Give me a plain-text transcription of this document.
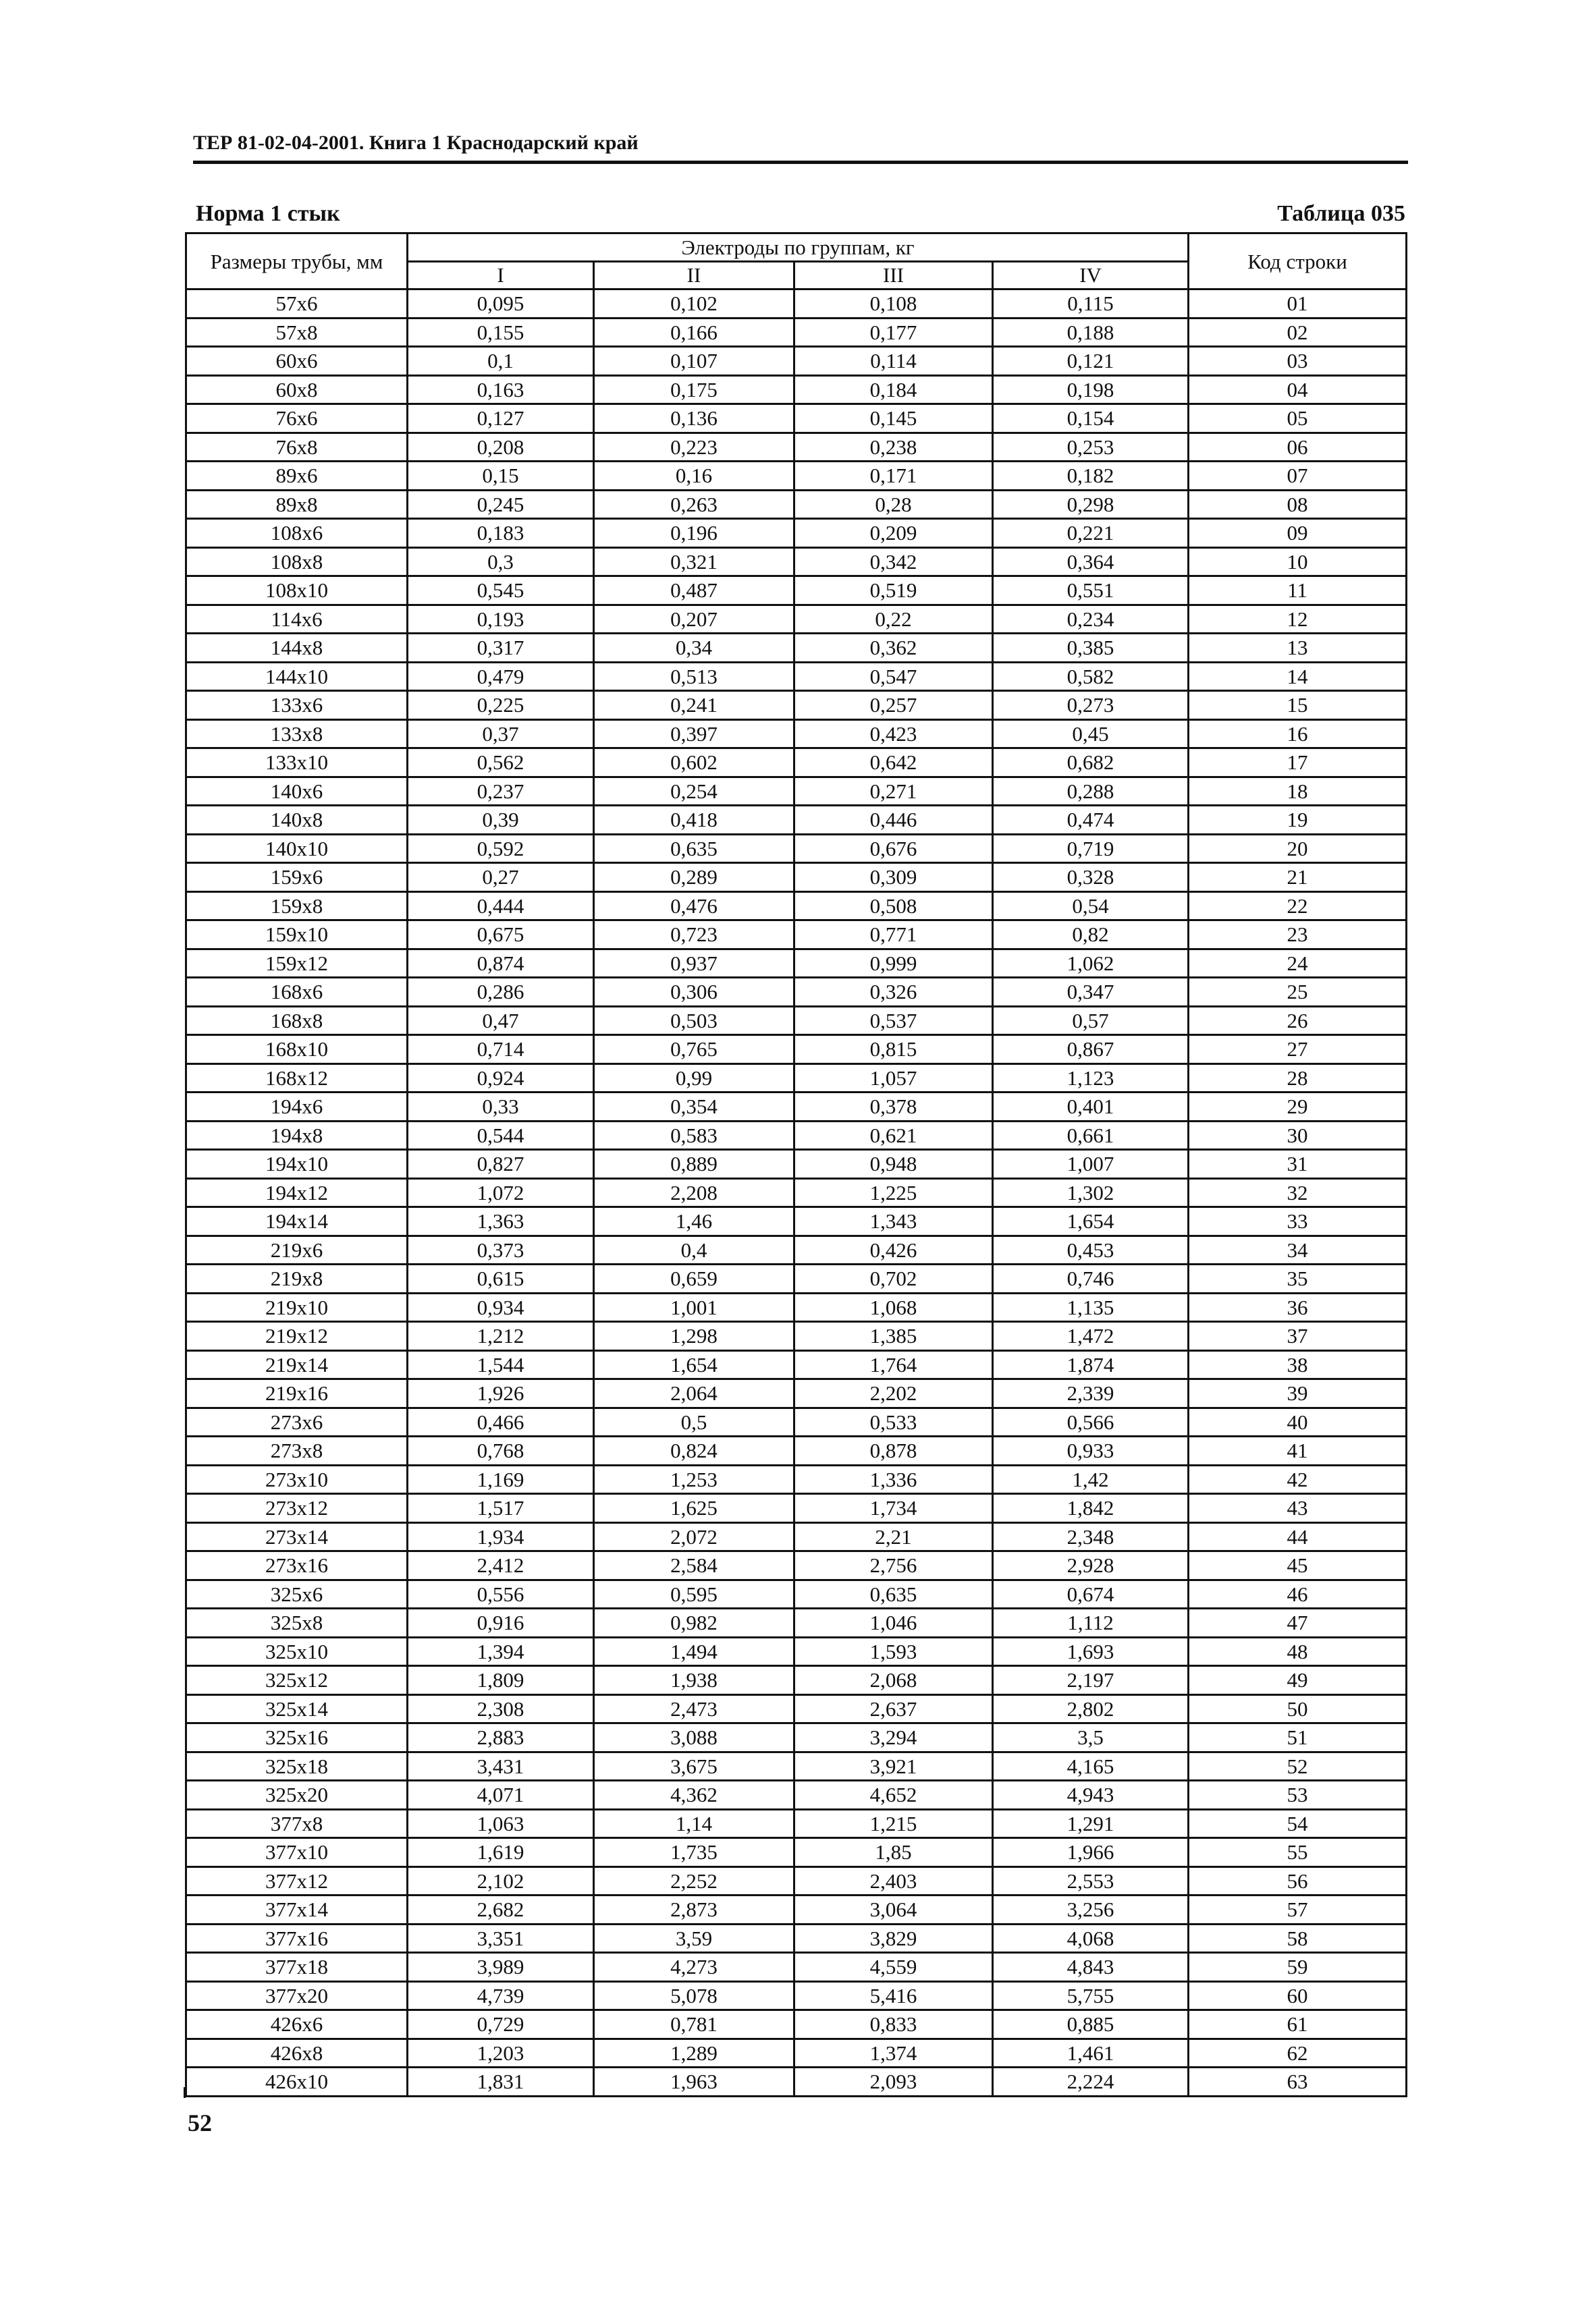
ТЕР 81-02-04-2001. Книга 1 Краснодарский край
Норма 1 стык	Таблица 035
Размеры трубы, мм	Электроды по группам, кг				Код строки
	I	II	III	IV	
57x6	0,095	0,102	0,108	0,115	01
57x8	0,155	0,166	0,177	0,188	02
60x6	0,1	0,107	0,114	0,121	03
60x8	0,163	0,175	0,184	0,198	04
76x6	0,127	0,136	0,145	0,154	05
76x8	0,208	0,223	0,238	0,253	06
89x6	0,15	0,16	0,171	0,182	07
89x8	0,245	0,263	0,28	0,298	08
108x6	0,183	0,196	0,209	0,221	09
108x8	0,3	0,321	0,342	0,364	10
108x10	0,545	0,487	0,519	0,551	11
114x6	0,193	0,207	0,22	0,234	12
144x8	0,317	0,34	0,362	0,385	13
144x10	0,479	0,513	0,547	0,582	14
133x6	0,225	0,241	0,257	0,273	15
133x8	0,37	0,397	0,423	0,45	16
133x10	0,562	0,602	0,642	0,682	17
140x6	0,237	0,254	0,271	0,288	18
140x8	0,39	0,418	0,446	0,474	19
140x10	0,592	0,635	0,676	0,719	20
159x6	0,27	0,289	0,309	0,328	21
159x8	0,444	0,476	0,508	0,54	22
159x10	0,675	0,723	0,771	0,82	23
159x12	0,874	0,937	0,999	1,062	24
168x6	0,286	0,306	0,326	0,347	25
168x8	0,47	0,503	0,537	0,57	26
168x10	0,714	0,765	0,815	0,867	27
168x12	0,924	0,99	1,057	1,123	28
194x6	0,33	0,354	0,378	0,401	29
194x8	0,544	0,583	0,621	0,661	30
194x10	0,827	0,889	0,948	1,007	31
194x12	1,072	2,208	1,225	1,302	32
194x14	1,363	1,46	1,343	1,654	33
219x6	0,373	0,4	0,426	0,453	34
219x8	0,615	0,659	0,702	0,746	35
219x10	0,934	1,001	1,068	1,135	36
219x12	1,212	1,298	1,385	1,472	37
219x14	1,544	1,654	1,764	1,874	38
219x16	1,926	2,064	2,202	2,339	39
273x6	0,466	0,5	0,533	0,566	40
273x8	0,768	0,824	0,878	0,933	41
273x10	1,169	1,253	1,336	1,42	42
273x12	1,517	1,625	1,734	1,842	43
273x14	1,934	2,072	2,21	2,348	44
273x16	2,412	2,584	2,756	2,928	45
325x6	0,556	0,595	0,635	0,674	46
325x8	0,916	0,982	1,046	1,112	47
325x10	1,394	1,494	1,593	1,693	48
325x12	1,809	1,938	2,068	2,197	49
325x14	2,308	2,473	2,637	2,802	50
325x16	2,883	3,088	3,294	3,5	51
325x18	3,431	3,675	3,921	4,165	52
325x20	4,071	4,362	4,652	4,943	53
377x8	1,063	1,14	1,215	1,291	54
377x10	1,619	1,735	1,85	1,966	55
377x12	2,102	2,252	2,403	2,553	56
377x14	2,682	2,873	3,064	3,256	57
377x16	3,351	3,59	3,829	4,068	58
377x18	3,989	4,273	4,559	4,843	59
377x20	4,739	5,078	5,416	5,755	60
426x6	0,729	0,781	0,833	0,885	61
426x8	1,203	1,289	1,374	1,461	62
426x10	1,831	1,963	2,093	2,224	63
52
